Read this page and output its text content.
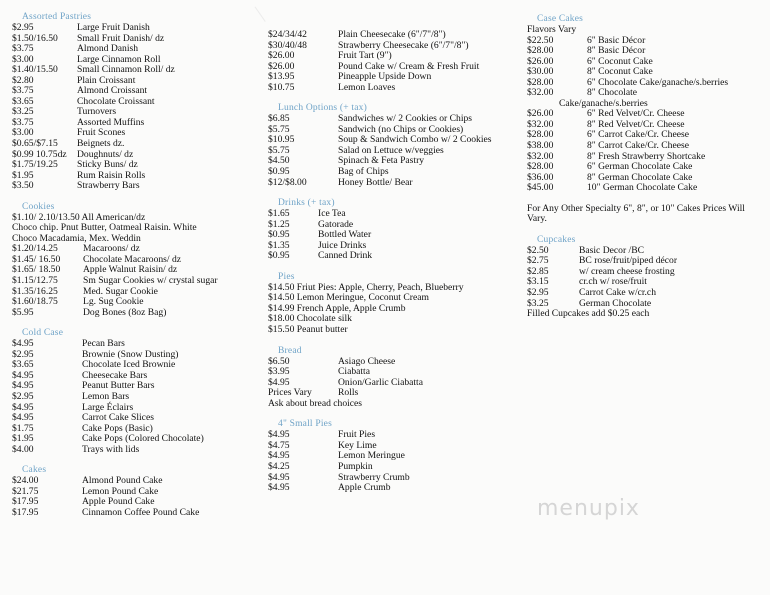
Assorted Pastries
$2.95	Large Fruit Danish
$1.50/16.50	Small Fruit Danish/ dz
$3.75	Almond Danish
$3.00	Large Cinnamon Roll
$1.40/15.50	Small Cinnamon Roll/ dz
$2.80	Plain Croissant
$3.75	Almond Croissant
$3.65	Chocolate Croissant
$3.25	Turnovers
$3.75	Assorted Muffins
$3.00	Fruit Scones
$0.65/$7.15	Beignets dz.
$0.99 10.75dz	Doughnuts/ dz
$1.75/19.25	Sticky Buns/ dz
$1.95	Rum Raisin Rolls
$3.50	Strawberry Bars
Cookies
$1.10/ 2.10/13.50 All American/dz
Choco chip. Pnut Butter, Oatmeal Raisin. White
Choco Macadamia, Mex. Weddin
$1.20/14.25	Macaroons/ dz
$1.45/ 16.50	Chocolate Macaroons/ dz
$1.65/ 18.50	Apple Walnut Raisin/ dz
$1.15/12.75	Sm Sugar Cookies w/ crystal sugar
$1.35/16.25	Med. Sugar Cookie
$1.60/18.75	Lg. Sug Cookie
$5.95	Dog Bones (8oz Bag)
Cold Case
$4.95	Pecan Bars
$2.95	Brownie (Snow Dusting)
$3.65	Chocolate Iced Brownie
$4.95	Cheesecake Bars
$4.95	Peanut Butter Bars
$2.95	Lemon Bars
$4.95	Large Éclairs
$4.95	Carrot Cake Slices
$1.75	Cake Pops (Basic)
$1.95	Cake Pops (Colored Chocolate)
$4.00	Trays with lids
Cakes
$24.00	Almond Pound Cake
$21.75	Lemon Pound Cake
$17.95	Apple Pound Cake
$17.95	Cinnamon Coffee Pound Cake
$24/34/42	Plain Cheesecake (6"/7"/8")
$30/40/48	Strawberry Cheesecake (6"/7"/8")
$26.00	Fruit Tart (9")
$26.00	Pound Cake w/ Cream & Fresh Fruit
$13.95	Pineapple Upside Down
$10.75	Lemon Loaves
Lunch Options (+ tax)
$6.85	Sandwiches w/ 2 Cookies or Chips
$5.75	Sandwich (no Chips or Cookies)
$10.95	Soup & Sandwich Combo w/ 2 Cookies
$5.75	Salad on Lettuce w/veggies
$4.50	Spinach & Feta Pastry
$0.95	Bag of Chips
$12/$8.00	Honey Bottle/ Bear
Drinks (+ tax)
$1.65	Ice Tea
$1.25	Gatorade
$0.95	Bottled Water
$1.35	Juice Drinks
$0.95	Canned Drink
Pies
$14.50 Friut Pies: Apple, Cherry, Peach, Blueberry
$14.50 Lemon Meringue, Coconut Cream
$14.99 French Apple, Apple Crumb
$18.00 Chocolate silk
$15.50 Peanut butter
Bread
$6.50	Asiago Cheese
$3.95	Ciabatta
$4.95	Onion/Garlic Ciabatta
Prices Vary	Rolls
Ask about bread choices
4" Small Pies
$4.95	Fruit Pies
$4.75	Key Lime
$4.95	Lemon Meringue
$4.25	Pumpkin
$4.95	Strawberry Crumb
$4.95	Apple Crumb
Case Cakes
Flavors Vary
$22.50	6" Basic Décor
$28.00	8" Basic Décor
$26.00	6" Coconut Cake
$30.00	8" Coconut Cake
$28.00	6" Chocolate Cake/ganache/s.berries
$32.00	8" Chocolate
Cake/ganache/s.berries
$26.00	6" Red Velvet/Cr. Cheese
$32.00	8" Red Velvet/Cr. Cheese
$28.00	6" Carrot Cake/Cr. Cheese
$38.00	8" Carrot Cake/Cr. Cheese
$32.00	8" Fresh Strawberry Shortcake
$28.00	6" German Chocolate Cake
$36.00	8" German Chocolate Cake
$45.00	10" German Chocolate Cake
For Any Other Specialty 6", 8", or 10" Cakes Prices Will Vary.
Cupcakes
$2.50	Basic Decor /BC
$2.75	BC rose/fruit/piped décor
$2.85	w/ cream cheese frosting
$3.15	cr.ch w/ rose/fruit
$2.95	Carrot Cake w/cr.ch
$3.25	German Chocolate
Filled Cupcakes add $0.25 each
menupix
